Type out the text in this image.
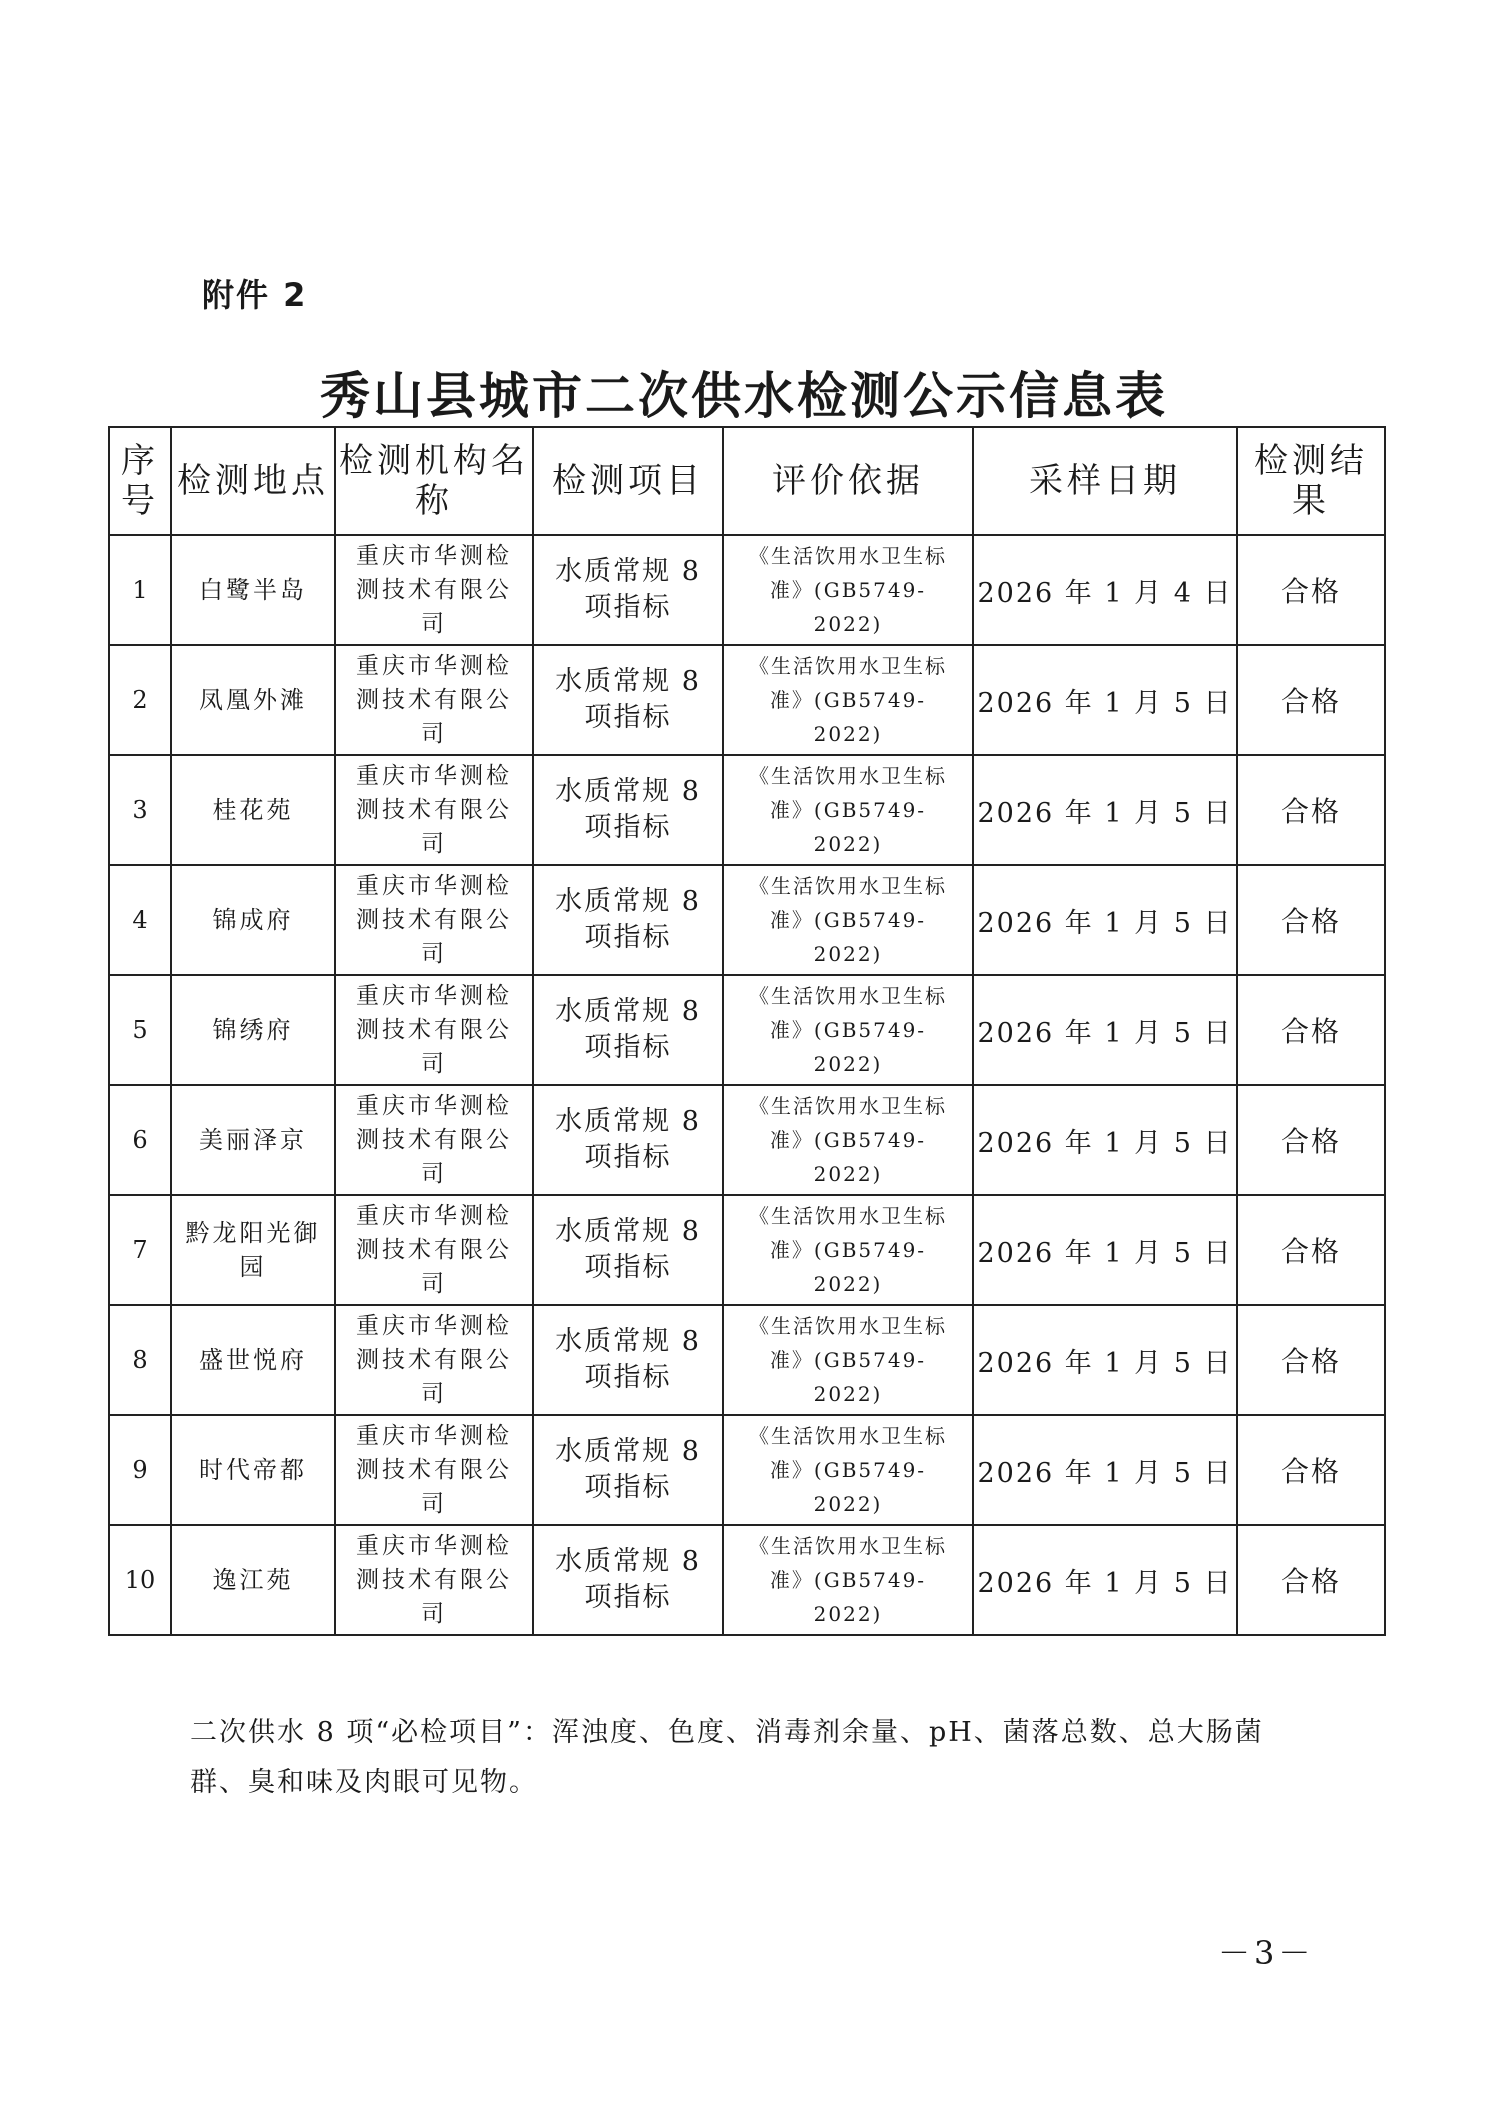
附件 2
秀山县城市二次供水检测公示信息表
序号	检测地点	检测机构名称	检测项目	评价依据	采样日期	检测结果
1	白鹭半岛	重庆市华测检测技术有限公司	水质常规 8 项指标	《生活饮用水卫生标准》(GB5749-2022)	2026 年 1 月 4 日	合格
2	凤凰外滩	重庆市华测检测技术有限公司	水质常规 8 项指标	《生活饮用水卫生标准》(GB5749-2022)	2026 年 1 月 5 日	合格
3	桂花苑	重庆市华测检测技术有限公司	水质常规 8 项指标	《生活饮用水卫生标准》(GB5749-2022)	2026 年 1 月 5 日	合格
4	锦成府	重庆市华测检测技术有限公司	水质常规 8 项指标	《生活饮用水卫生标准》(GB5749-2022)	2026 年 1 月 5 日	合格
5	锦绣府	重庆市华测检测技术有限公司	水质常规 8 项指标	《生活饮用水卫生标准》(GB5749-2022)	2026 年 1 月 5 日	合格
6	美丽泽京	重庆市华测检测技术有限公司	水质常规 8 项指标	《生活饮用水卫生标准》(GB5749-2022)	2026 年 1 月 5 日	合格
7	黔龙阳光御园	重庆市华测检测技术有限公司	水质常规 8 项指标	《生活饮用水卫生标准》(GB5749-2022)	2026 年 1 月 5 日	合格
8	盛世悦府	重庆市华测检测技术有限公司	水质常规 8 项指标	《生活饮用水卫生标准》(GB5749-2022)	2026 年 1 月 5 日	合格
9	时代帝都	重庆市华测检测技术有限公司	水质常规 8 项指标	《生活饮用水卫生标准》(GB5749-2022)	2026 年 1 月 5 日	合格
10	逸江苑	重庆市华测检测技术有限公司	水质常规 8 项指标	《生活饮用水卫生标准》(GB5749-2022)	2026 年 1 月 5 日	合格
二次供水 8 项“必检项目”：浑浊度、色度、消毒剂余量、pH、菌落总数、总大肠菌群、臭和味及肉眼可见物。
－3－
